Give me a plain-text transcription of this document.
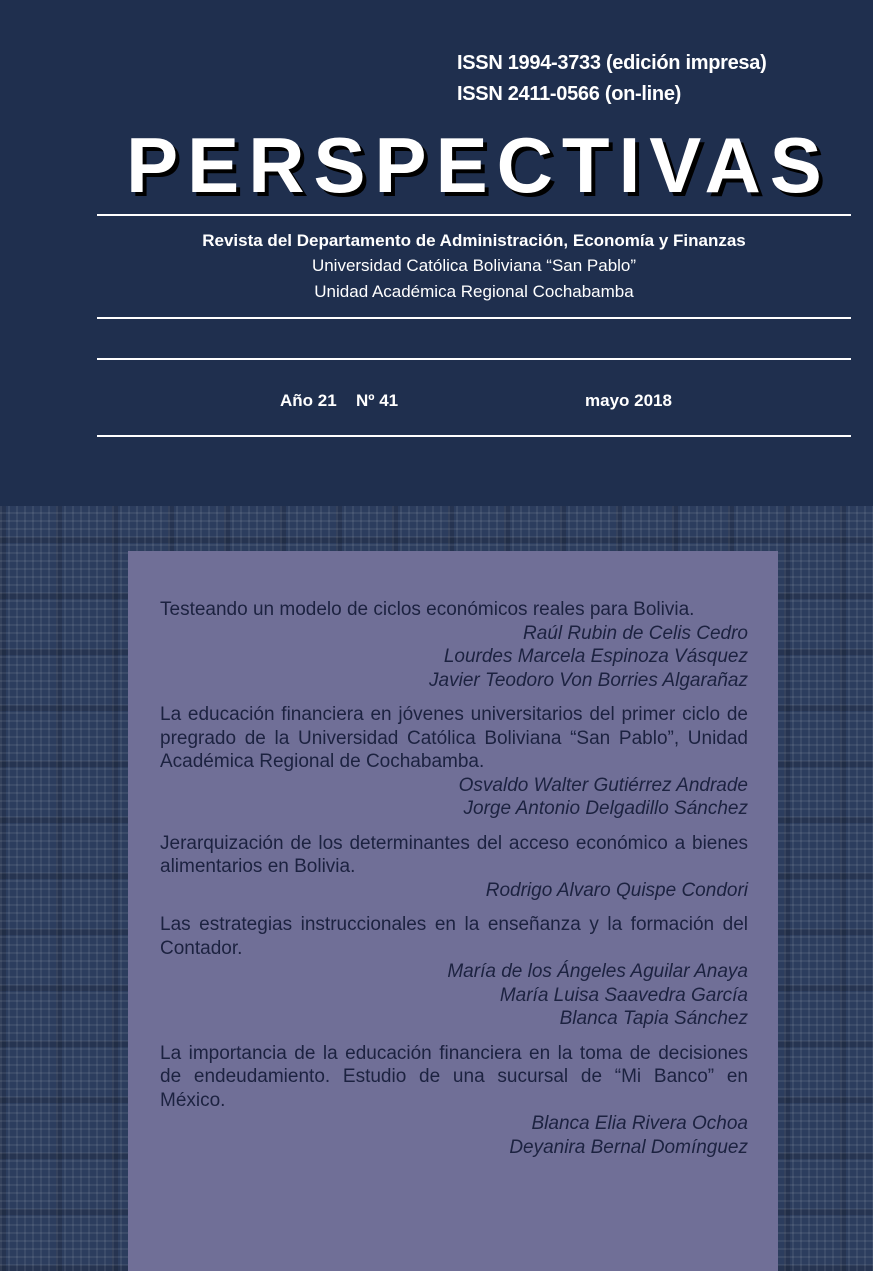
ISSN 1994-3733 (edición impresa)
ISSN 2411-0566 (on-line)
PERSPECTIVAS
Revista del Departamento de Administración, Economía y Finanzas
Universidad Católica Boliviana “San Pablo”
Unidad Académica Regional Cochabamba
Año 21 Nº 41	mayo 2018

Testeando un modelo de ciclos económicos reales para Bolivia.

Raúl Rubin de Celis Cedro
Lourdes Marcela Espinoza Vásquez
Javier Teodoro Von Borries Algarañaz

La educación financiera en jóvenes universitarios del primer ciclo de pregrado de la Universidad Católica Boliviana “San Pablo”, Unidad Académica Regional de Cochabamba.

Osvaldo Walter Gutiérrez Andrade
Jorge Antonio Delgadillo Sánchez

Jerarquización de los determinantes del acceso económico a bienes alimentarios en Bolivia.

Rodrigo Alvaro Quispe Condori

Las estrategias instruccionales en la enseñanza y la formación del Contador.

María de los Ángeles Aguilar Anaya
María Luisa Saavedra García
Blanca Tapia Sánchez

La importancia de la educación financiera en la toma de decisiones de endeudamiento. Estudio de una sucursal de “Mi Banco” en México.

Blanca Elia Rivera Ochoa
Deyanira Bernal Domínguez
